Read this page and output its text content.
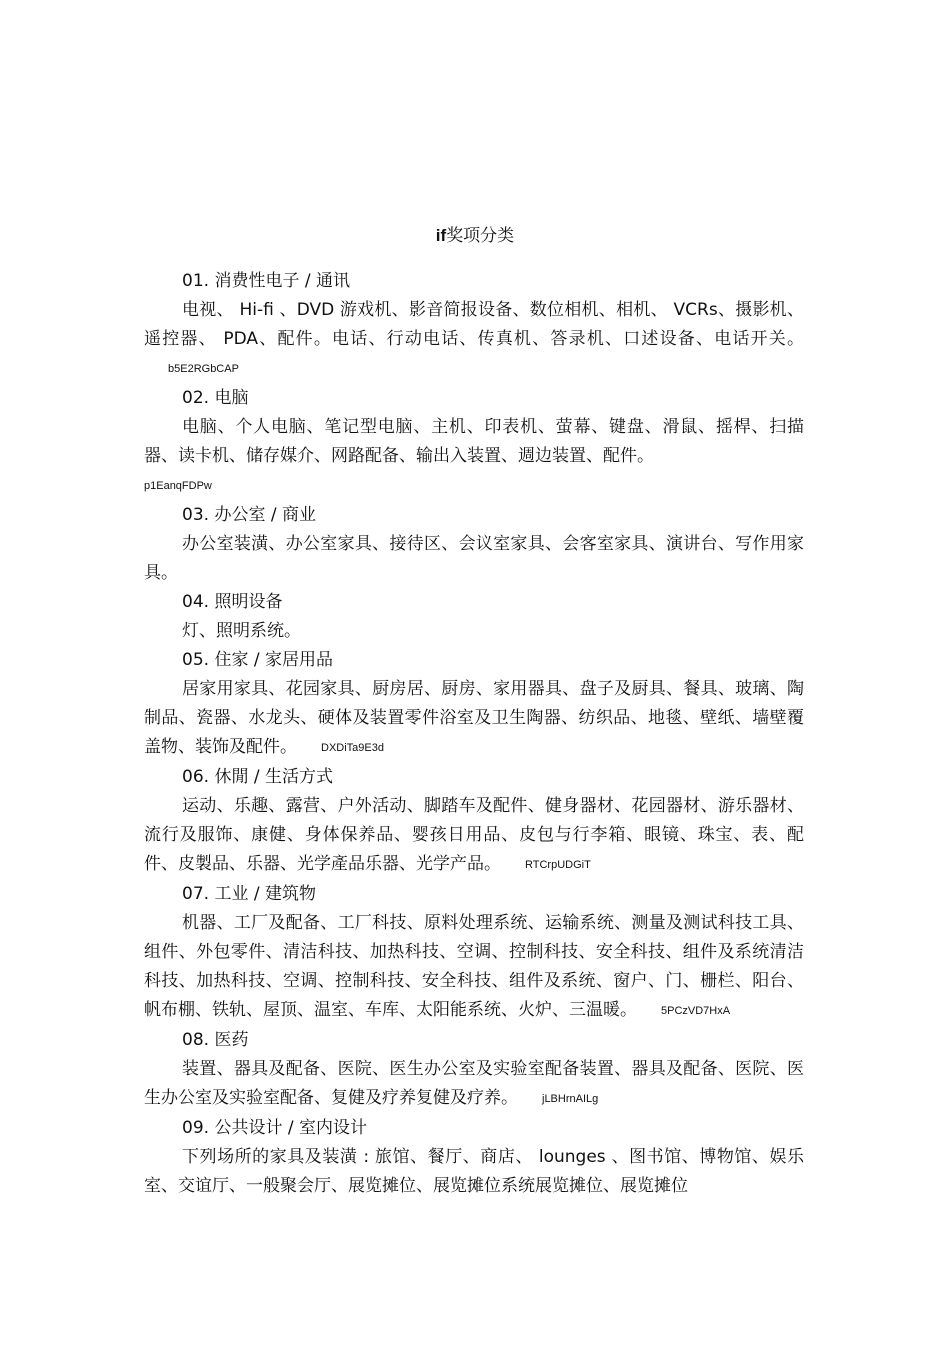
if奖项分类
01. 消费性电子 / 通讯
电视、 Hi-fi 、DVD 游戏机、影音简报设备、数位相机、相机、 VCRs、摄影机、遥控器、 PDA、配件。电话、行动电话、传真机、答录机、口述设备、电话开关。b5E2RGbCAP
02. 电脑
电脑、个人电脑、笔记型电脑、主机、印表机、萤幕、键盘、滑鼠、摇桿、扫描器、读卡机、储存媒介、网路配备、输出入装置、週边装置、配件。
p1EanqFDPw
03. 办公室 / 商业
办公室装潢、办公室家具、接待区、会议室家具、会客室家具、演讲台、写作用家具。
04. 照明设备
灯、照明系统。
05. 住家 / 家居用品
居家用家具、花园家具、厨房居、厨房、家用器具、盘子及厨具、餐具、玻璃、陶制品、瓷器、水龙头、硬体及装置零件浴室及卫生陶器、纺织品、地毯、壁纸、墙壁覆盖物、装饰及配件。 DXDiTa9E3d
06. 休閒 / 生活方式
运动、乐趣、露营、户外活动、脚踏车及配件、健身器材、花园器材、游乐器材、流行及服饰、康健、身体保养品、婴孩日用品、皮包与行李箱、眼镜、珠宝、表、配件、皮製品、乐器、光学產品乐器、光学产品。 RTCrpUDGiT
07. 工业 / 建筑物
机器、工厂及配备、工厂科技、原料处理系统、运输系统、测量及测试科技工具、组件、外包零件、清洁科技、加热科技、空调、控制科技、安全科技、组件及系统清洁科技、加热科技、空调、控制科技、安全科技、组件及系统、窗户、门、栅栏、阳台、帆布棚、铁轨、屋顶、温室、车库、太阳能系统、火炉、三温暖。 5PCzVD7HxA
08. 医药
装置、器具及配备、医院、医生办公室及实验室配备装置、器具及配备、医院、医生办公室及实验室配备、复健及疗养复健及疗养。 jLBHrnAILg
09. 公共设计 / 室内设计
下列场所的家具及装潢 : 旅馆、餐厅、商店、 lounges 、图书馆、博物馆、娱乐室、交谊厅、一般聚会厅、展览摊位、展览摊位系统展览摊位、展览摊位
